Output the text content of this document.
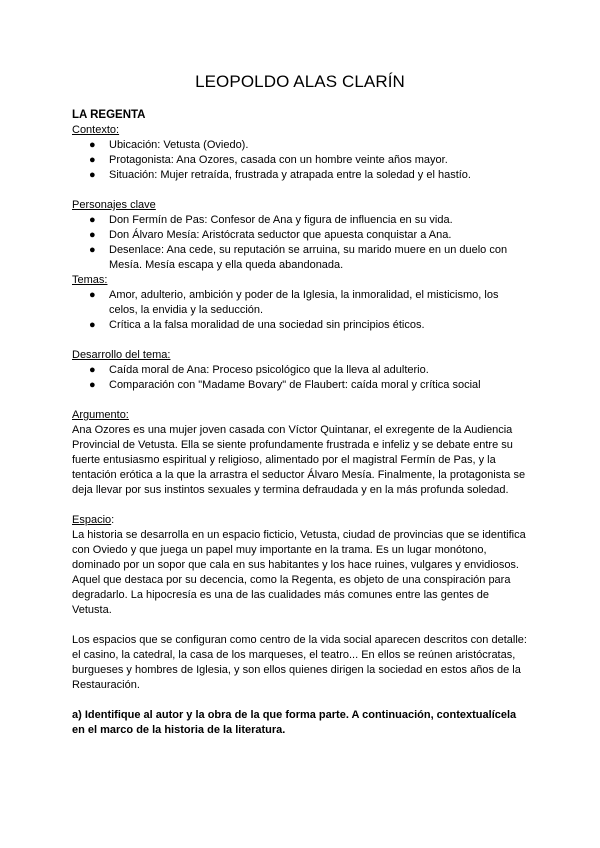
LEOPOLDO ALAS CLARÍN

LA REGENTA

Contexto:

● Ubicación: Vetusta (Oviedo).
● Protagonista: Ana Ozores, casada con un hombre veinte años mayor.
● Situación: Mujer retraída, frustrada y atrapada entre la soledad y el hastío.

Personajes clave

● Don Fermín de Pas: Confesor de Ana y figura de influencia en su vida.
● Don Álvaro Mesía: Aristócrata seductor que apuesta conquistar a Ana.
● Desenlace: Ana cede, su reputación se arruina, su marido muere en un duelo con Mesía. Mesía escapa y ella queda abandonada.

Temas:

● Amor, adulterio, ambición y poder de la Iglesia, la inmoralidad, el misticismo, los celos, la envidia y la seducción.
● Crítica a la falsa moralidad de una sociedad sin principios éticos.

Desarrollo del tema:

● Caída moral de Ana: Proceso psicológico que la lleva al adulterio.
● Comparación con "Madame Bovary" de Flaubert: caída moral y crítica social

Argumento:

Ana Ozores es una mujer joven casada con Víctor Quintanar, el exregente de la Audiencia Provincial de Vetusta. Ella se siente profundamente frustrada e infeliz y se debate entre su fuerte entusiasmo espiritual y religioso, alimentado por el magistral Fermín de Pas, y la tentación erótica a la que la arrastra el seductor Álvaro Mesía. Finalmente, la protagonista se deja llevar por sus instintos sexuales y termina defraudada y en la más profunda soledad.

Espacio:

La historia se desarrolla en un espacio ficticio, Vetusta, ciudad de provincias que se identifica con Oviedo y que juega un papel muy importante en la trama. Es un lugar monótono, dominado por un sopor que cala en sus habitantes y los hace ruines, vulgares y envidiosos. Aquel que destaca por su decencia, como la Regenta, es objeto de una conspiración para degradarlo. La hipocresía es una de las cualidades más comunes entre las gentes de Vetusta.

Los espacios que se configuran como centro de la vida social aparecen descritos con detalle: el casino, la catedral, la casa de los marqueses, el teatro... En ellos se reúnen aristócratas, burgueses y hombres de Iglesia, y son ellos quienes dirigen la sociedad en estos años de la Restauración.

a) Identifique al autor y la obra de la que forma parte. A continuación, contextualícela en el marco de la historia de la literatura.
